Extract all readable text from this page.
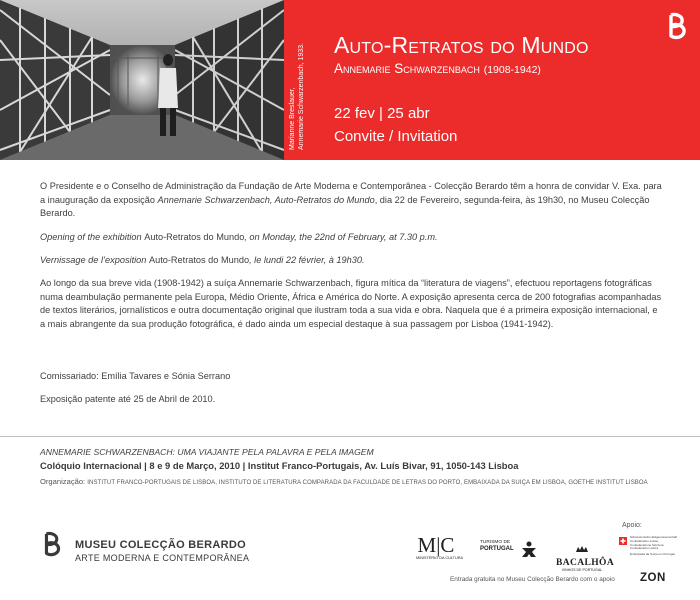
Marianne Breslauer, Annemarie Schwarzenbach, 1933. Auto-Retratos do Mundo
Annemarie Schwarzenbach (1908-1942)
22 fev | 25 abr
Convite / Invitation
O Presidente e o Conselho de Administração da Fundação de Arte Moderna e Contemporânea - Colecção Berardo têm a honra de convidar V. Exa. para a inauguração da exposição Annemarie Schwarzenbach, Auto-Retratos do Mundo, dia 22 de Fevereiro, segunda-feira, às 19h30, no Museu Colecção Berardo.
Opening of the exhibition Auto-Retratos do Mundo, on Monday, the 22nd of February, at 7.30 p.m.
Vernissage de l’exposition Auto-Retratos do Mundo, le lundi 22 février, à 19h30.
Ao longo da sua breve vida (1908-1942) a suíça Annemarie Schwarzenbach, figura mítica da “literatura de viagens”, efectuou reportagens fotográficas numa deambulação permanente pela Europa, Médio Oriente, África e América do Norte. A exposição apresenta cerca de 200 fotografias acompanhadas de textos literários, jornalísticos e outra documentação original que ilustram toda a sua vida e obra. Naquela que é a primeira exposição internacional, e a mais abrangente da sua produção fotográfica, é dado ainda um especial destaque à sua passagem por Lisboa (1941-1942).
Comissariado: Emília Tavares e Sónia Serrano
Exposição patente até 25 de Abril de 2010.
ANNEMARIE SCHWARZENBACH: UMA VIAJANTE PELA PALAVRA E PELA IMAGEM
Colóquio Internacional | 8 e 9 de Março, 2010 | Institut Franco-Portugais, Av. Luís Bivar, 91, 1050-143 Lisboa
Organização: INSTITUT FRANCO-PORTUGAIS DE LISBOA, INSTITUTO DE LITERATURA COMPARADA DA FACULDADE DE LETRAS DO PORTO, EMBAIXADA DA SUIÇA EM LISBOA, GOETHE INSTITUT LISBOA
MUSEU COLECÇÃO BERARDO
ARTE MODERNA E CONTEMPORÂNEA
M|C
MINISTÉRIO DA CULTURA
TURISMO DE
PORTUGAL
BACALHÔA
VINHOS DE PORTUGAL
Apoio:
Schweizerische Eidgenossenschaft
Confédération suisse
Confederazione Svizzera
Confederaziun svizra
Embaixada da Suíça em Portugal
Entrada gratuita no Museu Colecção Berardo com o apoio ZON
